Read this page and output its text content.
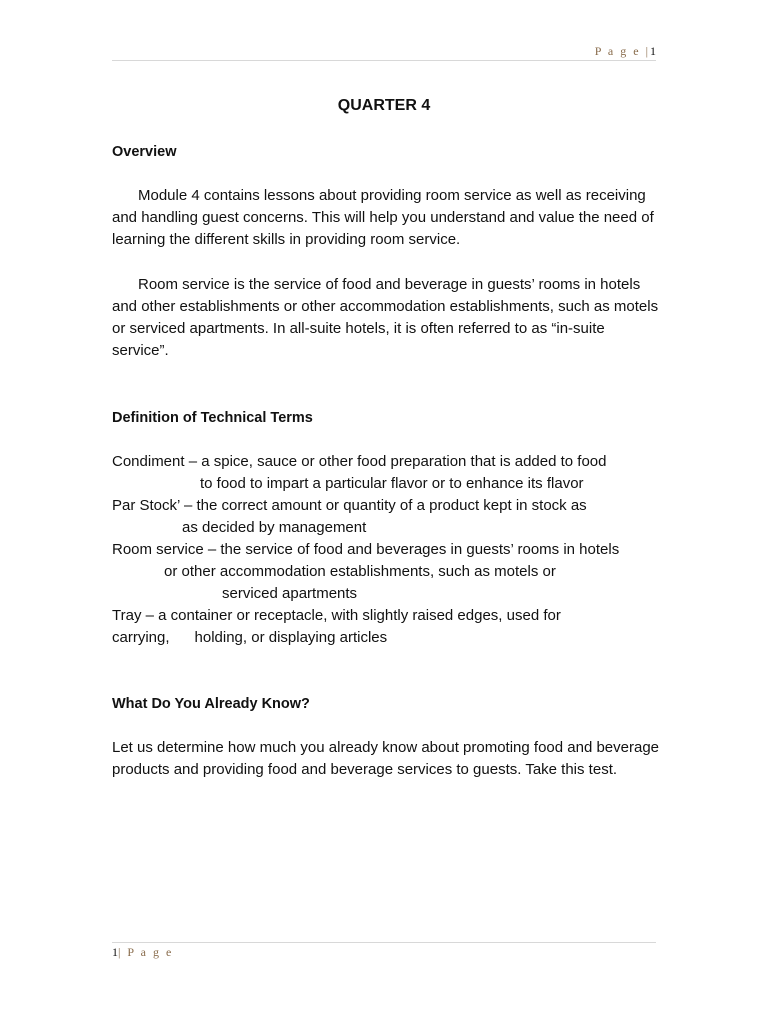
P a g e |1
QUARTER 4

Overview

Module 4 contains lessons about providing room service as well as receiving and handling guest concerns. This will help you understand and value the need of learning the different skills in providing room service.

Room service is the service of food and beverage in guests’ rooms in hotels and other establishments or other accommodation establishments, such as motels or serviced apartments. In all-suite hotels, it is often referred to as “in-suite service”.

Definition of Technical Terms

Condiment – a spice, sauce or other food preparation that is added to food
to food to impart a particular flavor or to enhance its flavor
Par Stock’ – the correct amount or quantity of a product kept in stock as
as decided by management
Room service – the service of food and beverages in guests’ rooms in hotels
or other accommodation establishments, such as motels or
serviced apartments
Tray – a container or receptacle, with slightly raised edges, used for
carrying,      holding, or displaying articles

What Do You Already Know?

Let us determine how much you already know about promoting food and beverage products and providing food and beverage services to guests. Take this test.

1| P a g e
